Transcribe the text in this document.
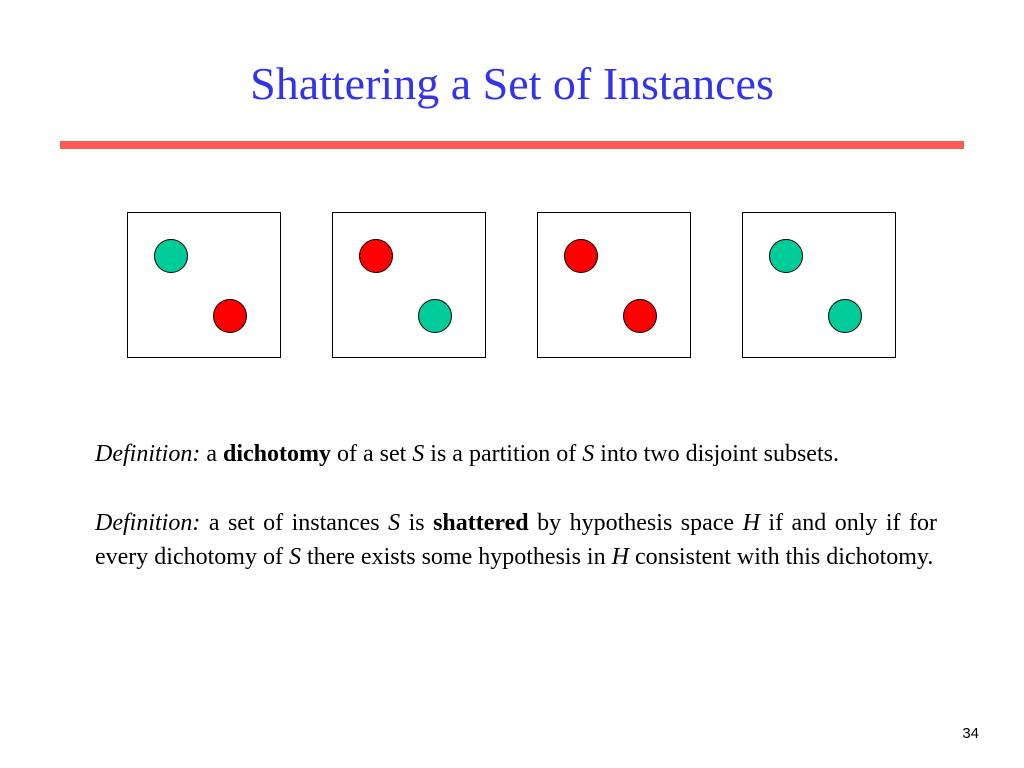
Shattering a Set of Instances

Definition: a dichotomy of a set S is a partition of S into two disjoint subsets.

Definition: a set of instances S is shattered by hypothesis space H if and only if for every dichotomy of S there exists some hypothesis in H consistent with this dichotomy.

34
